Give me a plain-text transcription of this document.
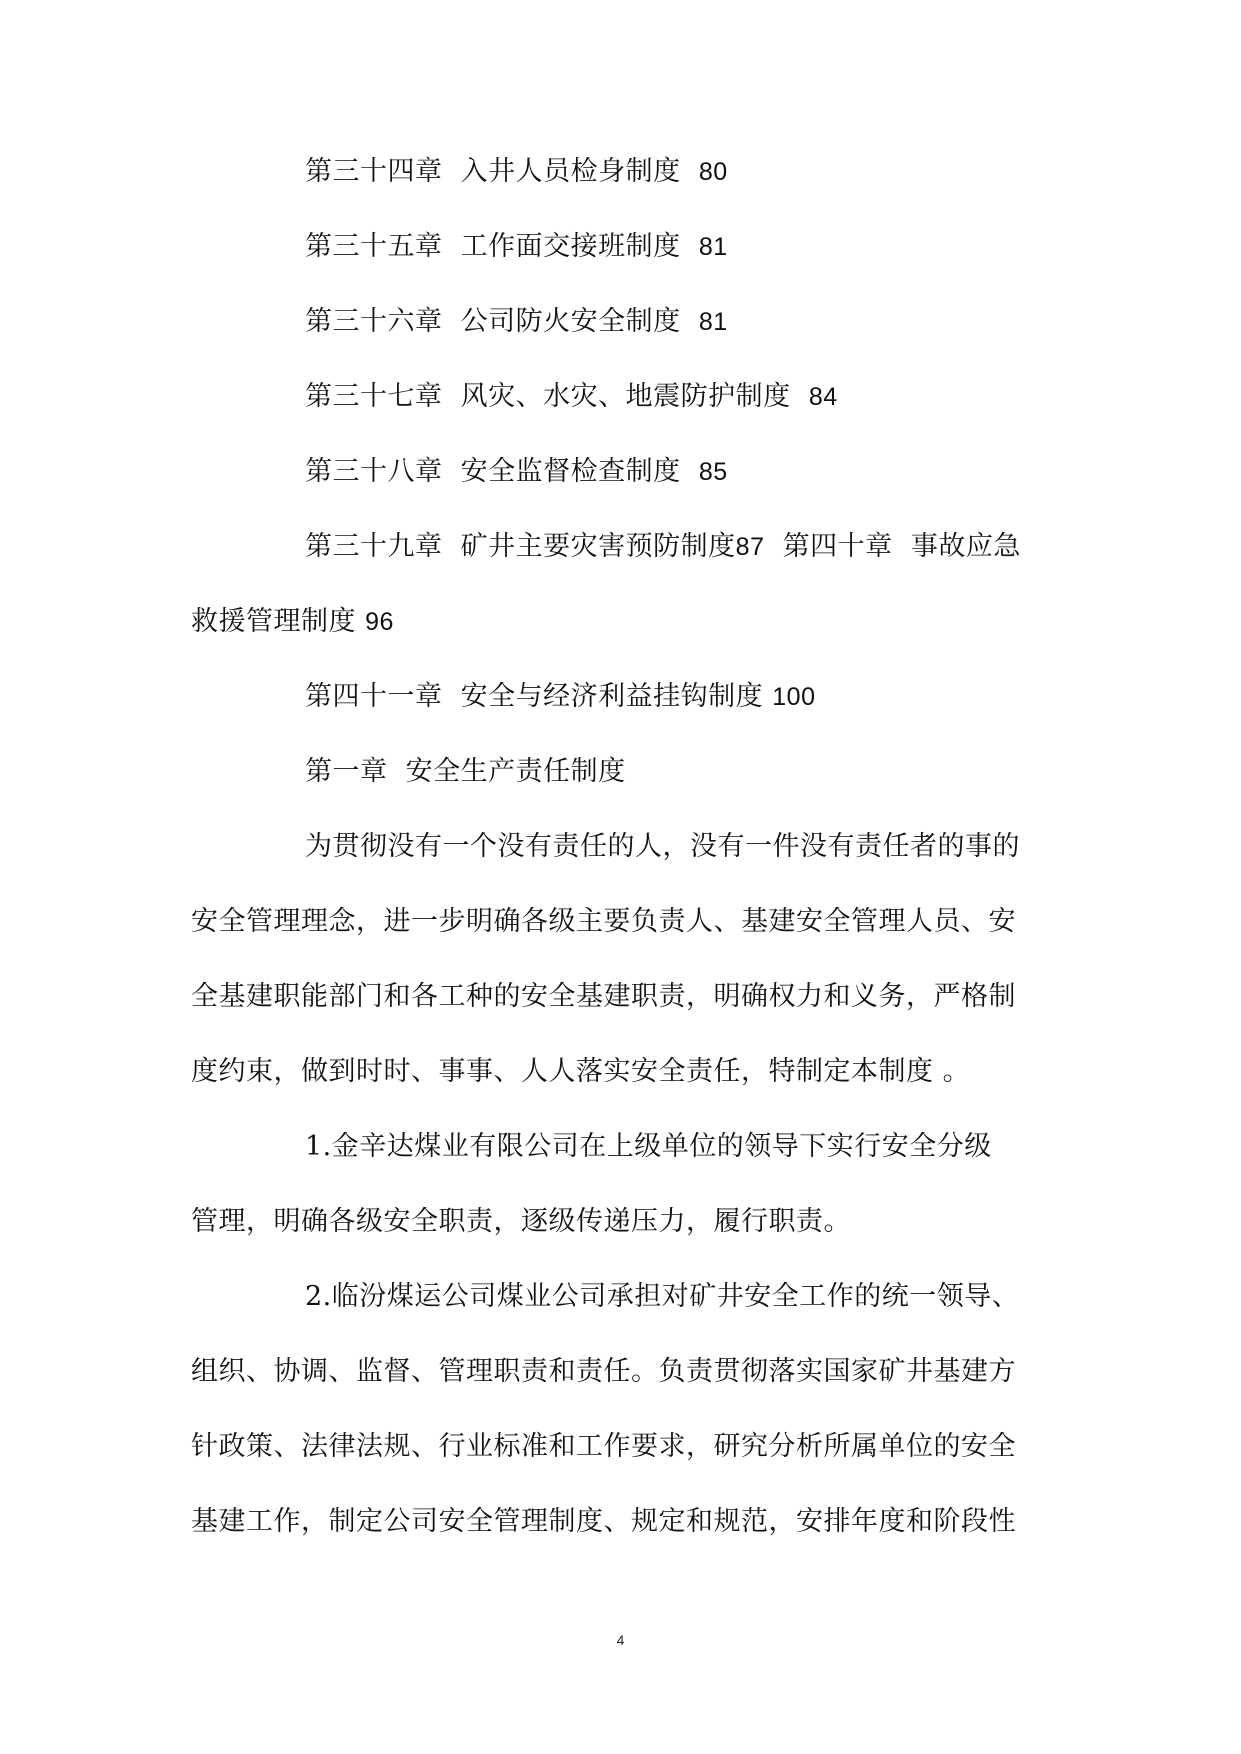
第三十四章 入井人员检身制度 80
第三十五章 工作面交接班制度 81
第三十六章 公司防火安全制度 81
第三十七章 风灾、水灾、地震防护制度 84
第三十八章 安全监督检查制度 85
第三十九章 矿井主要灾害预防制度87 第四十章 事故应急
救援管理制度 96
第四十一章 安全与经济利益挂钩制度 100
第一章 安全生产责任制度
为贯彻没有一个没有责任的人，没有一件没有责任者的事的
安全管理理念，进一步明确各级主要负责人、基建安全管理人员、安
全基建职能部门和各工种的安全基建职责，明确权力和义务，严格制
度约束，做到时时、事事、人人落实安全责任，特制定本制度 。
1.金辛达煤业有限公司在上级单位的领导下实行安全分级
管理，明确各级安全职责，逐级传递压力，履行职责。
2.临汾煤运公司煤业公司承担对矿井安全工作的统一领导、
组织、协调、监督、管理职责和责任。负责贯彻落实国家矿井基建方
针政策、法律法规、行业标准和工作要求，研究分析所属单位的安全
基建工作，制定公司安全管理制度、规定和规范，安排年度和阶段性
4
